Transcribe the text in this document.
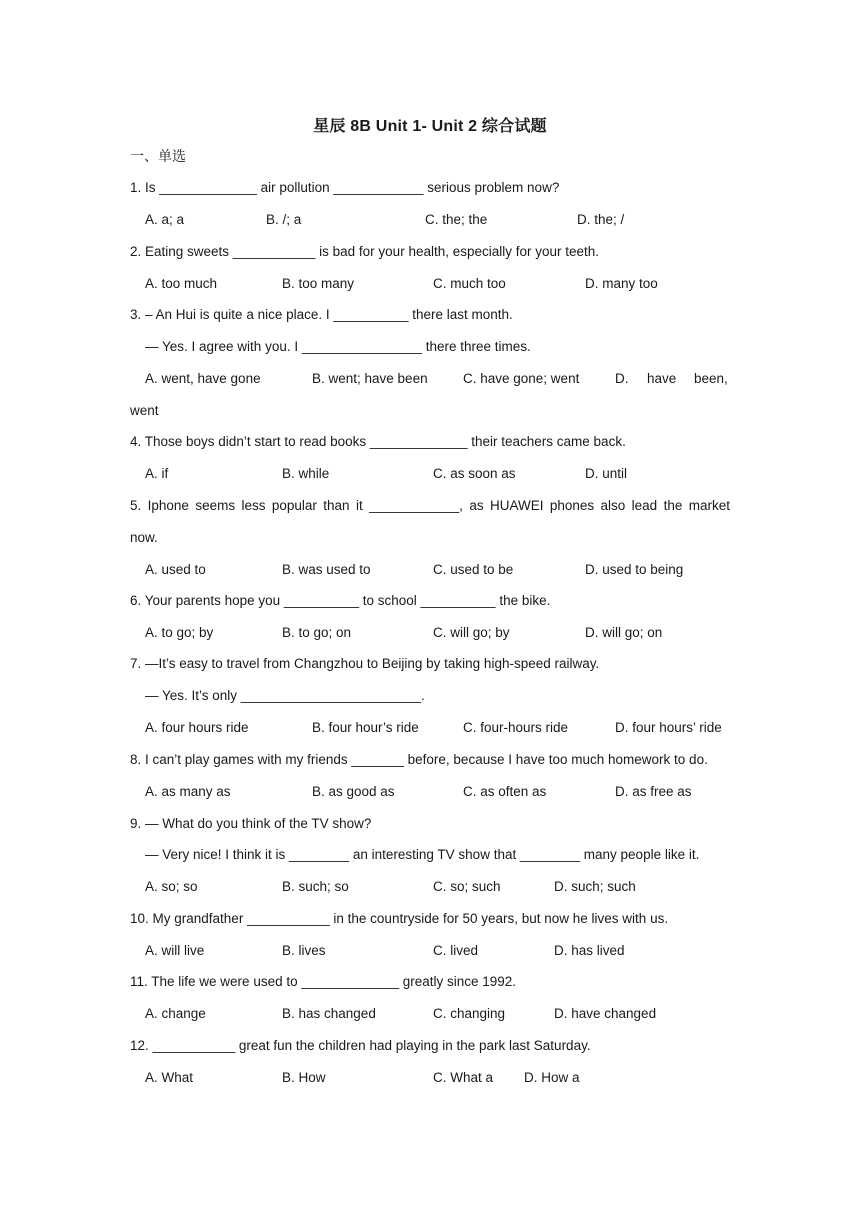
星辰 8B Unit 1- Unit 2 综合试题
一、单选
1. Is _____________ air pollution ____________ serious problem now?
A. a; a	B. /; a	C. the; the	D. the; /
2. Eating sweets ___________ is bad for your health, especially for your teeth.
A. too much	B. too many	C. much too	D. many too
3. – An Hui is quite a nice place. I __________ there last month.
— Yes. I agree with you. I ________________ there three times.
A. went, have gone	B. went; have been	C. have gone; went	D. have been,
went
4. Those boys didn’t start to read books _____________ their teachers came back.
A. if	B. while	C. as soon as	D. until
5. Iphone seems less popular than it ____________, as HUAWEI phones also lead the market
now.
A. used to	B. was used to	C. used to be	D. used to being
6. Your parents hope you __________ to school __________ the bike.
A. to go; by	B. to go; on	C. will go; by	D. will go; on
7. —It’s easy to travel from Changzhou to Beijing by taking high-speed railway.
— Yes. It’s only ________________________.
A. four hours ride	B. four hour’s ride	C. four-hours ride	D. four hours’ ride
8. I can’t play games with my friends _______ before, because I have too much homework to do.
A. as many as	B. as good as	C. as often as	D. as free as
9. — What do you think of the TV show?
— Very nice! I think it is ________ an interesting TV show that ________ many people like it.
A. so; so	B. such; so	C. so; such	D. such; such
10. My grandfather ___________ in the countryside for 50 years, but now he lives with us.
A. will live	B. lives	C. lived	D. has lived
11. The life we were used to _____________ greatly since 1992.
A. change	B. has changed	C. changing	D. have changed
12. ___________ great fun the children had playing in the park last Saturday.
A. What	B. How	C. What a D. How a
